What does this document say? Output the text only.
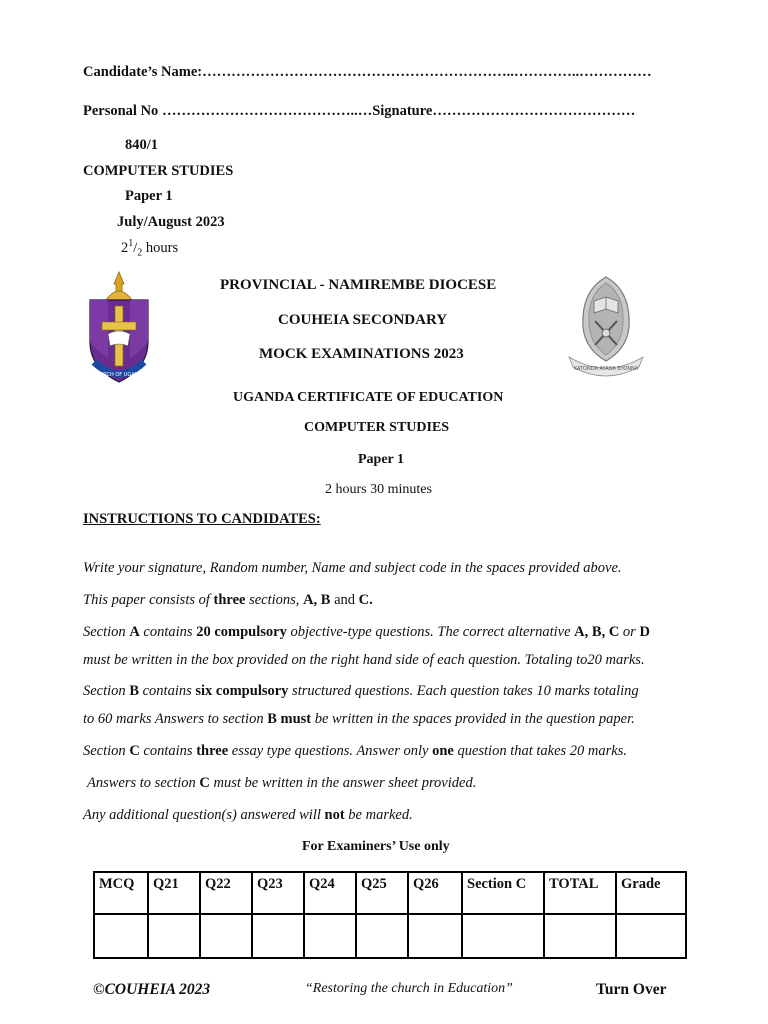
Candidate’s Name:………………………………………………………..…………..……………
Personal No …………………………………..…Signature……………………………………
840/1
COMPUTER STUDIES
Paper 1
July/August 2023
$2^1/_2$ hours
CHURCH OF UGANDA
KATONDA AYAGA BYONNA
PROVINCIAL - NAMIREMBE DIOCESE
COUHEIA SECONDARY
MOCK EXAMINATIONS 2023
UGANDA CERTIFICATE OF EDUCATION
COMPUTER STUDIES
Paper 1
2 hours 30 minutes
INSTRUCTIONS TO CANDIDATES:
Write your signature, Random number, Name and subject code in the spaces provided above.
This paper consists of three sections, A, B and C.
Section A contains 20 compulsory objective-type questions. The correct alternative A, B, C or D
must be written in the box provided on the right hand side of each question. Totaling to20 marks.
Section B contains six compulsory structured questions. Each question takes 10 marks totaling
to 60 marks Answers to section B must be written in the spaces provided in the question paper.
Section C contains three essay type questions. Answer only one question that takes 20 marks.
Answers to section C must be written in the answer sheet provided.
Any additional question(s) answered will not be marked.
For Examiners’ Use only
MCQ	Q21	Q22	Q23	Q24	Q25	Q26	Section C	TOTAL	Grade

©COUHEIA 2023	“Restoring the church in Education”	Turn Over
